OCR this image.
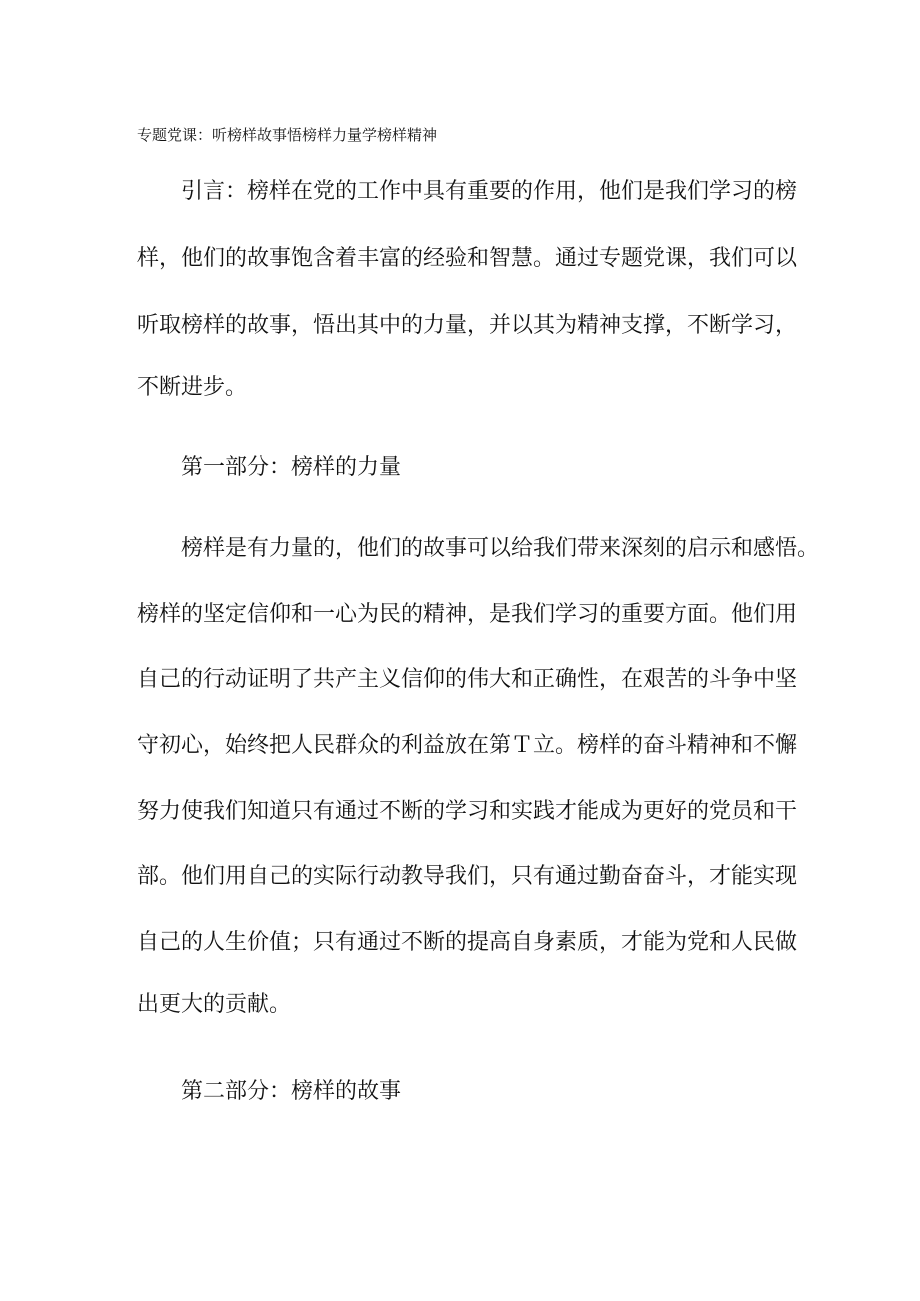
专题党课：听榜样故事悟榜样力量学榜样精神
引言：榜样在党的工作中具有重要的作用，他们是我们学习的榜
样，他们的故事饱含着丰富的经验和智慧。通过专题党课，我们可以
听取榜样的故事，悟出其中的力量，并以其为精神支撑，不断学习，
不断进步。
第一部分：榜样的力量
榜样是有力量的，他们的故事可以给我们带来深刻的启示和感悟。
榜样的坚定信仰和一心为民的精神，是我们学习的重要方面。他们用
自己的行动证明了共产主义信仰的伟大和正确性，在艰苦的斗争中坚
守初心，始终把人民群众的利益放在第Ｔ立。榜样的奋斗精神和不懈
努力使我们知道只有通过不断的学习和实践才能成为更好的党员和干
部。他们用自己的实际行动教导我们，只有通过勤奋奋斗，才能实现
自己的人生价值；只有通过不断的提高自身素质，才能为党和人民做
出更大的贡献。
第二部分：榜样的故事
